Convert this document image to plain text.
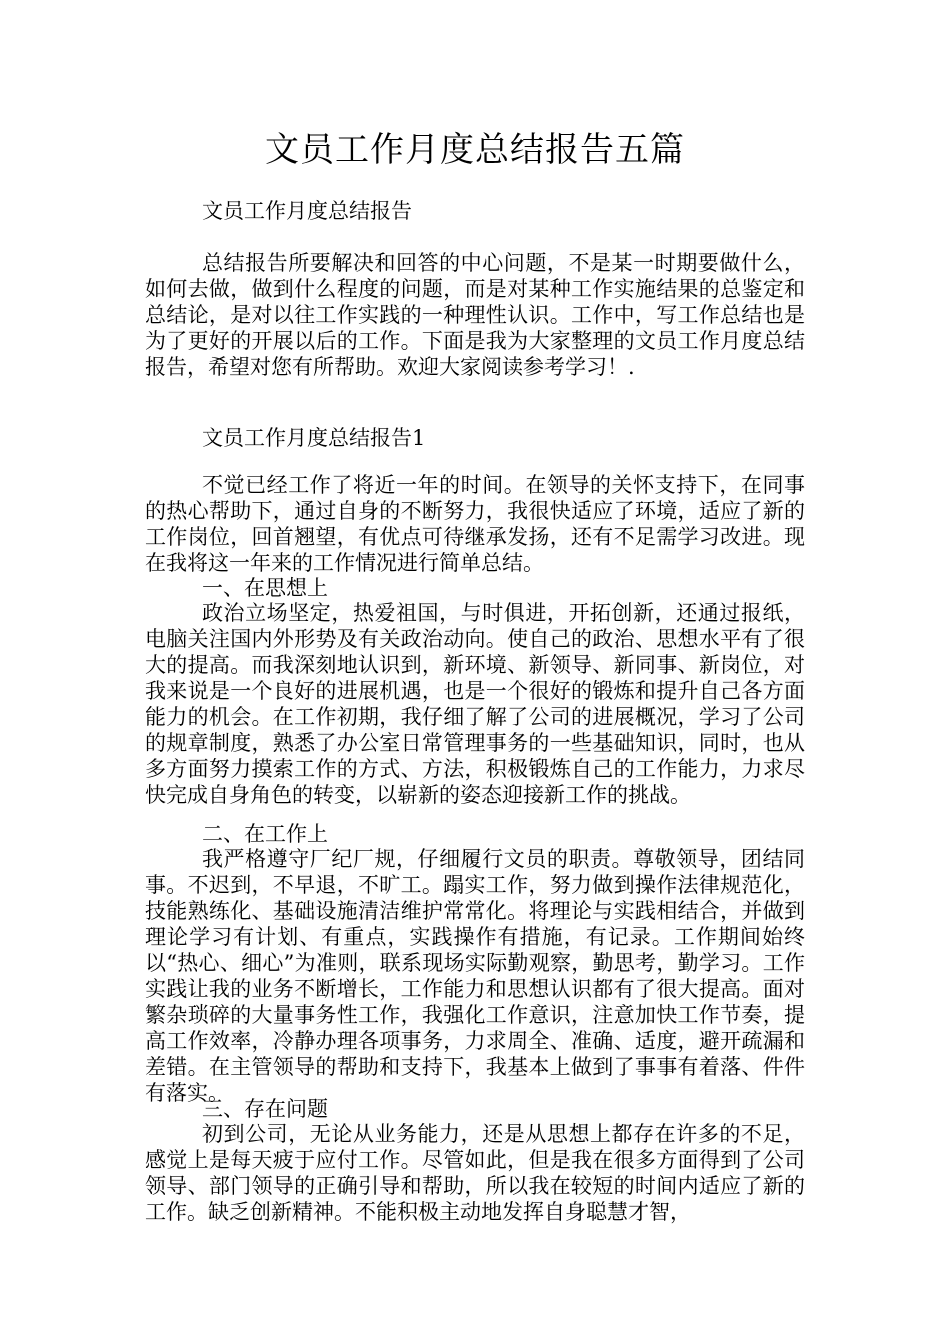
文员工作月度总结报告五篇

文员工作月度总结报告

总结报告所要解决和回答的中心问题，不是某一时期要做什么，如何去做，做到什么程度的问题，而是对某种工作实施结果的总鉴定和总结论，是对以往工作实践的一种理性认识。工作中，写工作总结也是为了更好的开展以后的工作。下面是我为大家整理的文员工作月度总结报告，希望对您有所帮助。欢迎大家阅读参考学习！.

文员工作月度总结报告1

不觉已经工作了将近一年的时间。在领导的关怀支持下，在同事的热心帮助下，通过自身的不断努力，我很快适应了环境，适应了新的工作岗位，回首翘望，有优点可待继承发扬，还有不足需学习改进。现在我将这一年来的工作情况进行简单总结。

一、在思想上

政治立场坚定，热爱祖国，与时俱进，开拓创新，还通过报纸，电脑关注国内外形势及有关政治动向。使自己的政治、思想水平有了很大的提高。而我深刻地认识到，新环境、新领导、新同事、新岗位，对我来说是一个良好的进展机遇，也是一个很好的锻炼和提升自己各方面能力的机会。在工作初期，我仔细了解了公司的进展概况，学习了公司的规章制度，熟悉了办公室日常管理事务的一些基础知识，同时，也从多方面努力摸索工作的方式、方法，积极锻炼自己的工作能力，力求尽快完成自身角色的转变，以崭新的姿态迎接新工作的挑战。

二、在工作上

我严格遵守厂纪厂规，仔细履行文员的职责。尊敬领导，团结同事。不迟到，不早退，不旷工。蹋实工作，努力做到操作法律规范化，技能熟练化、基础设施清洁维护常常化。将理论与实践相结合，并做到理论学习有计划、有重点，实践操作有措施，有记录。工作期间始终以“热心、细心”为准则，联系现场实际勤观察，勤思考，勤学习。工作实践让我的业务不断增长，工作能力和思想认识都有了很大提高。面对繁杂琐碎的大量事务性工作，我强化工作意识，注意加快工作节奏，提高工作效率，冷静办理各项事务，力求周全、准确、适度，避开疏漏和差错。在主管领导的帮助和支持下，我基本上做到了事事有着落、件件有落实。

三、存在问题

初到公司，无论从业务能力，还是从思想上都存在许多的不足，感觉上是每天疲于应付工作。尽管如此，但是我在很多方面得到了公司领导、部门领导的正确引导和帮助，所以我在较短的时间内适应了新的工作。缺乏创新精神。不能积极主动地发挥自身聪慧才智，
